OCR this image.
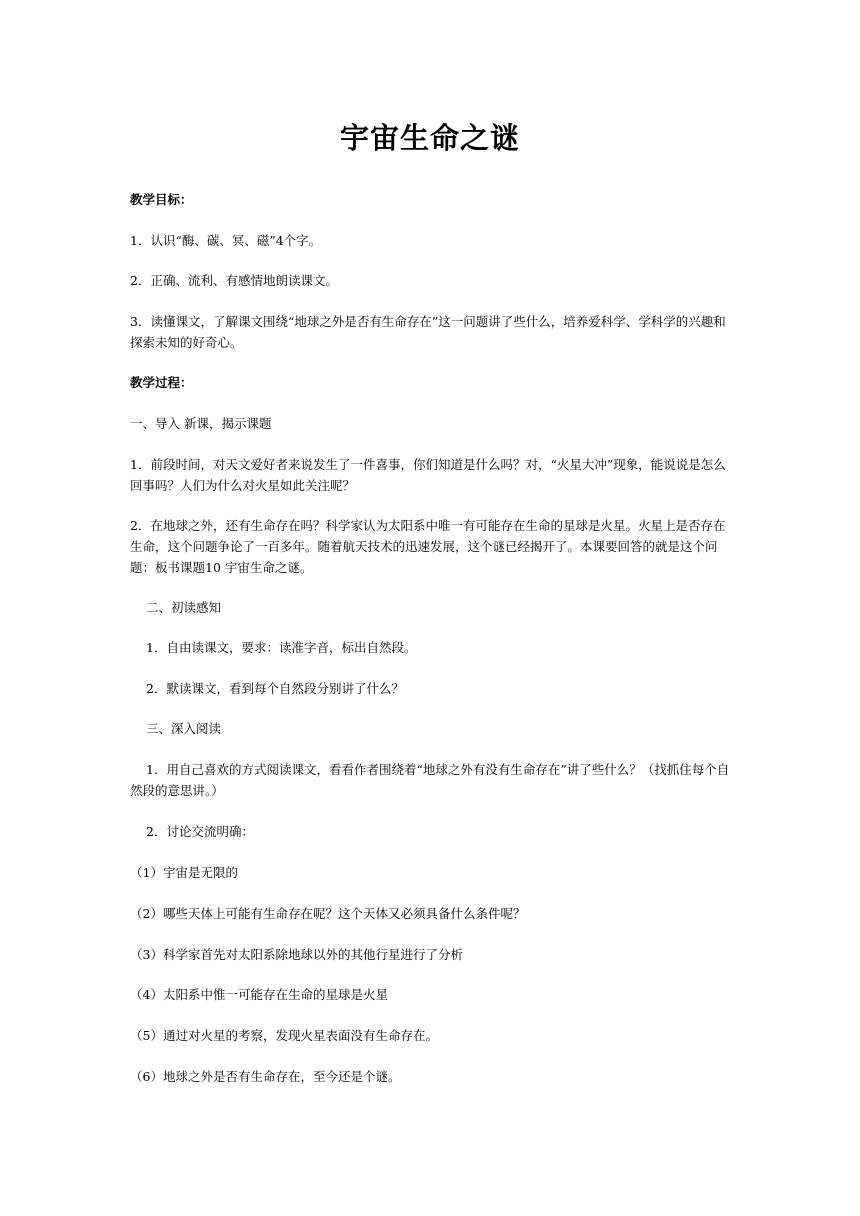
宇宙生命之谜
教学目标：
1．认识“酶、碳、冥、磁”4个字。
2．正确、流利、有感情地朗读课文。
3．读懂课文，了解课文围绕“地球之外是否有生命存在”这一问题讲了些什么，培养爱科学、学科学的兴趣和探索未知的好奇心。
教学过程：
一、导入 新课，揭示课题
1．前段时间，对天文爱好者来说发生了一件喜事，你们知道是什么吗？对，“火星大冲”现象，能说说是怎么回事吗？人们为什么对火星如此关注呢？
2．在地球之外，还有生命存在吗？科学家认为太阳系中唯一有可能存在生命的星球是火星。火星上是否存在生命，这个问题争论了一百多年。随着航天技术的迅速发展，这个谜已经揭开了。本课要回答的就是这个问题：板书课题10 宇宙生命之谜。
二、初读感知
1．自由读课文，要求：读准字音，标出自然段。
2．默读课文，看到每个自然段分别讲了什么？
三、深入阅读
1．用自己喜欢的方式阅读课文，看看作者围绕着“地球之外有没有生命存在”讲了些什么？（找抓住每个自然段的意思讲。）
2．讨论交流明确：
（1）宇宙是无限的
（2）哪些天体上可能有生命存在呢？这个天体又必须具备什么条件呢？
（3）科学家首先对太阳系除地球以外的其他行星进行了分析
（4）太阳系中惟一可能存在生命的星球是火星
（5）通过对火星的考察，发现火星表面没有生命存在。
（6）地球之外是否有生命存在，至今还是个谜。
